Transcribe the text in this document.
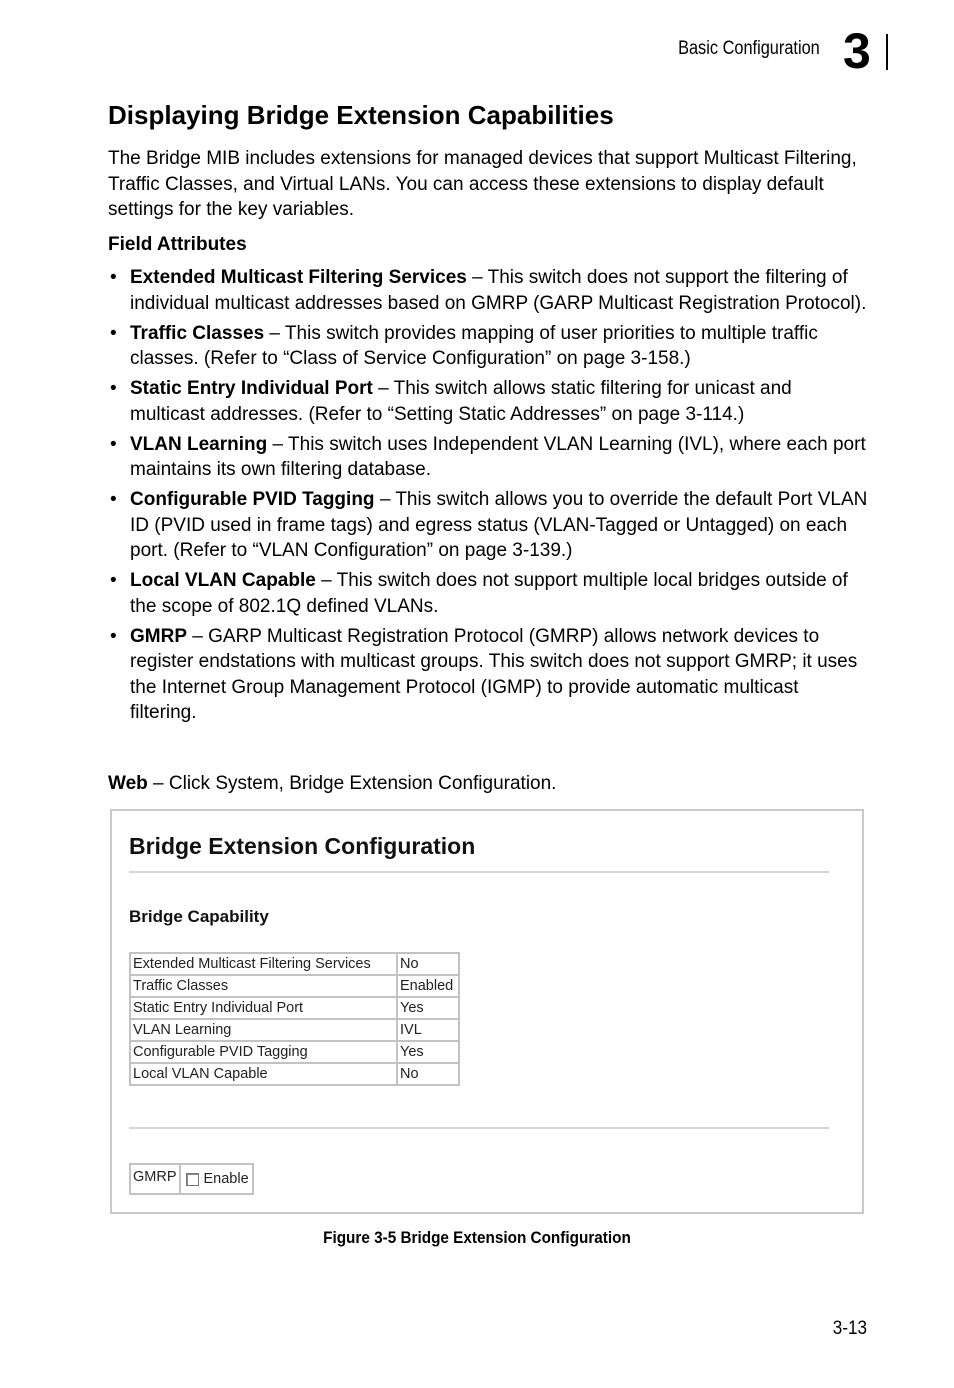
Basic Configuration 3
Displaying Bridge Extension Capabilities

The Bridge MIB includes extensions for managed devices that support Multicast Filtering, Traffic Classes, and Virtual LANs. You can access these extensions to display default settings for the key variables.

Field Attributes
• Extended Multicast Filtering Services – This switch does not support the filtering of individual multicast addresses based on GMRP (GARP Multicast Registration Protocol).
• Traffic Classes – This switch provides mapping of user priorities to multiple traffic classes. (Refer to “Class of Service Configuration” on page 3-158.)
• Static Entry Individual Port – This switch allows static filtering for unicast and multicast addresses. (Refer to “Setting Static Addresses” on page 3-114.)
• VLAN Learning – This switch uses Independent VLAN Learning (IVL), where each port maintains its own filtering database.
• Configurable PVID Tagging – This switch allows you to override the default Port VLAN ID (PVID used in frame tags) and egress status (VLAN-Tagged or Untagged) on each port. (Refer to “VLAN Configuration” on page 3-139.)
• Local VLAN Capable – This switch does not support multiple local bridges outside of the scope of 802.1Q defined VLANs.
• GMRP – GARP Multicast Registration Protocol (GMRP) allows network devices to register endstations with multicast groups. This switch does not support GMRP; it uses the Internet Group Management Protocol (IGMP) to provide automatic multicast filtering.

Web – Click System, Bridge Extension Configuration.

Bridge Extension Configuration
Bridge Capability
Extended Multicast Filtering Services	No
Traffic Classes	Enabled
Static Entry Individual Port	Yes
VLAN Learning	IVL
Configurable PVID Tagging	Yes
Local VLAN Capable	No
GMRP Enable

Figure 3-5 Bridge Extension Configuration

3-13
